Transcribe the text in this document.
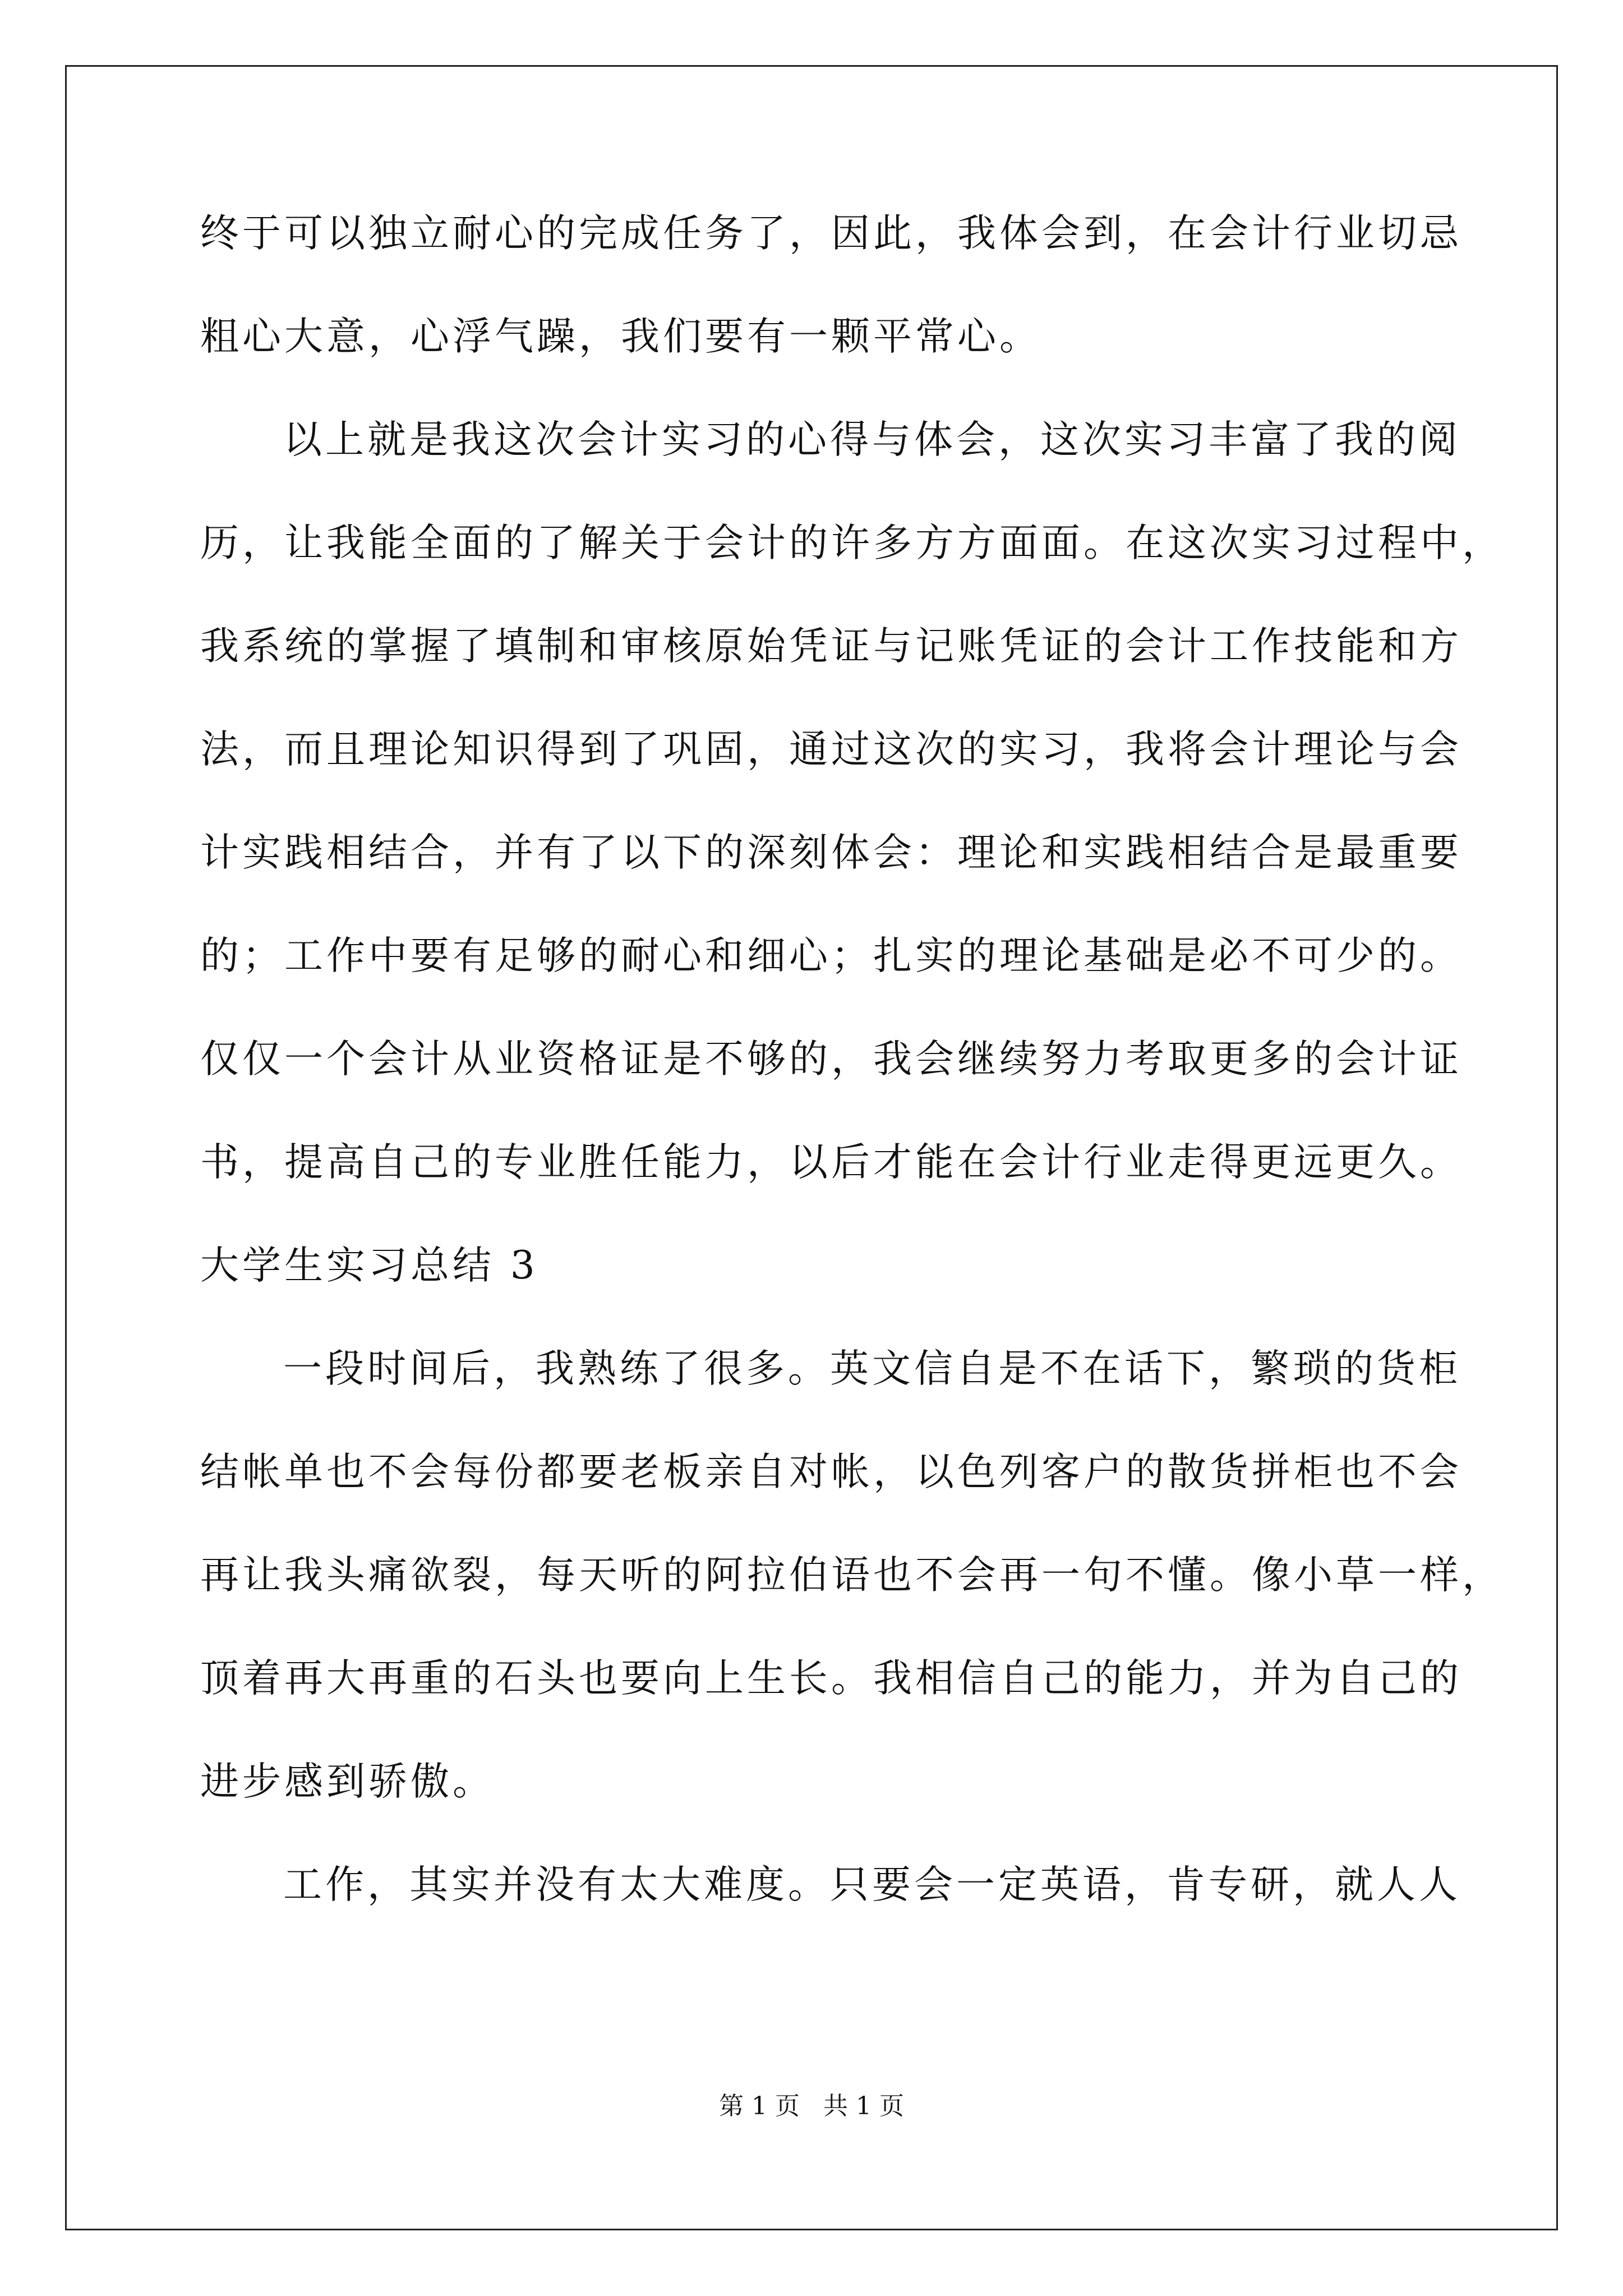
终于可以独立耐心的完成任务了，因此，我体会到，在会计行业切忌
粗心大意，心浮气躁，我们要有一颗平常心。
以上就是我这次会计实习的心得与体会，这次实习丰富了我的阅
历，让我能全面的了解关于会计的许多方方面面。在这次实习过程中，
我系统的掌握了填制和审核原始凭证与记账凭证的会计工作技能和方
法，而且理论知识得到了巩固，通过这次的实习，我将会计理论与会
计实践相结合，并有了以下的深刻体会：理论和实践相结合是最重要
的；工作中要有足够的耐心和细心；扎实的理论基础是必不可少的。
仅仅一个会计从业资格证是不够的，我会继续努力考取更多的会计证
书，提高自己的专业胜任能力，以后才能在会计行业走得更远更久。
大学生实习总结 3
一段时间后，我熟练了很多。英文信自是不在话下，繁琐的货柜
结帐单也不会每份都要老板亲自对帐，以色列客户的散货拼柜也不会
再让我头痛欲裂，每天听的阿拉伯语也不会再一句不懂。像小草一样，
顶着再大再重的石头也要向上生长。我相信自己的能力，并为自己的
进步感到骄傲。
工作，其实并没有太大难度。只要会一定英语，肯专研，就人人
第 1 页   共 1 页
